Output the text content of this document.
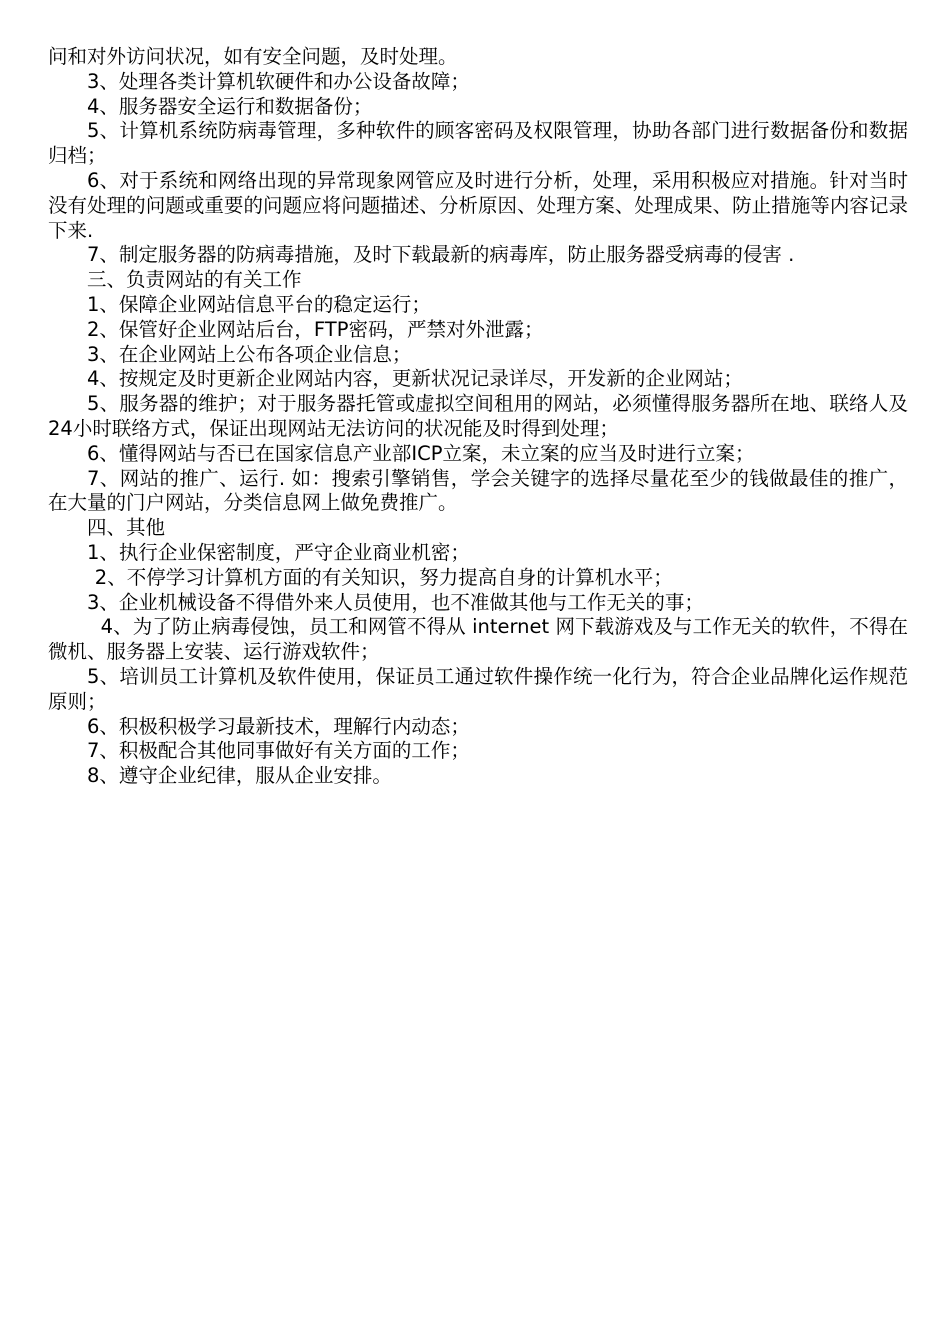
问和对外访问状况，如有安全问题，及时处理。

3、处理各类计算机软硬件和办公设备故障；

4、服务器安全运行和数据备份；

5、计算机系统防病毒管理，多种软件的顾客密码及权限管理，协助各部门进行数据备份和数据归档；

6、对于系统和网络出现的异常现象网管应及时进行分析，处理，采用积极应对措施。针对当时没有处理的问题或重要的问题应将问题描述、分析原因、处理方案、处理成果、防止措施等内容记录下来.

7、制定服务器的防病毒措施，及时下载最新的病毒库，防止服务器受病毒的侵害 .

三、负责网站的有关工作

1、保障企业网站信息平台的稳定运行；

2、保管好企业网站后台，FTP密码，严禁对外泄露；

3、在企业网站上公布各项企业信息；

4、按规定及时更新企业网站内容，更新状况记录详尽，开发新的企业网站；

5、服务器的维护；对于服务器托管或虚拟空间租用的网站，必须懂得服务器所在地、联络人及24小时联络方式，保证出现网站无法访问的状况能及时得到处理；

6、懂得网站与否已在国家信息产业部ICP立案，未立案的应当及时进行立案；

7、网站的推广、运行. 如：搜索引擎销售，学会关键字的选择尽量花至少的钱做最佳的推广，在大量的门户网站，分类信息网上做免费推广。

四、其他

1、执行企业保密制度，严守企业商业机密；

2、不停学习计算机方面的有关知识，努力提高自身的计算机水平；

3、企业机械设备不得借外来人员使用，也不准做其他与工作无关的事；

4、为了防止病毒侵蚀，员工和网管不得从 internet 网下载游戏及与工作无关的软件，不得在微机、服务器上安装、运行游戏软件；

5、培训员工计算机及软件使用，保证员工通过软件操作统一化行为，符合企业品牌化运作规范原则；

6、积极积极学习最新技术，理解行内动态；

7、积极配合其他同事做好有关方面的工作；

8、遵守企业纪律，服从企业安排。
